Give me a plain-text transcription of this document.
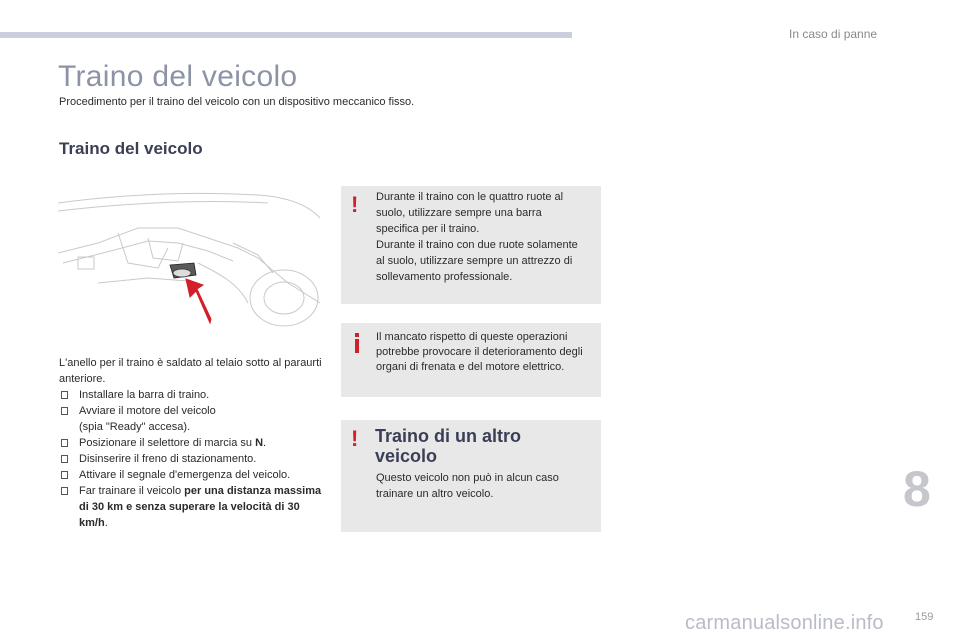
In caso di panne
Traino del veicolo
Procedimento per il traino del veicolo con un dispositivo meccanico fisso.
Traino del veicolo

L'anello per il traino è saldato al telaio sotto al paraurti anteriore.

Installare la barra di traino.
Avviare il motore del veicolo
(spia "Ready" accesa).
Posizionare il selettore di marcia su N.
Disinserire il freno di stazionamento.
Attivare il segnale d'emergenza del veicolo.
Far trainare il veicolo per una distanza massima di 30 km e senza superare la velocità di 30 km/h.
! Durante il traino con le quattro ruote al suolo, utilizzare sempre una barra specifica per il traino.

Durante il traino con due ruote solamente al suolo, utilizzare sempre un attrezzo di sollevamento professionale.

Il mancato rispetto di queste operazioni potrebbe provocare il deterioramento degli organi di frenata e del motore elettrico.
! Traino di un altro veicolo
Questo veicolo non può in alcun caso trainare un altro veicolo.	8
carmanualsonline.info	159
